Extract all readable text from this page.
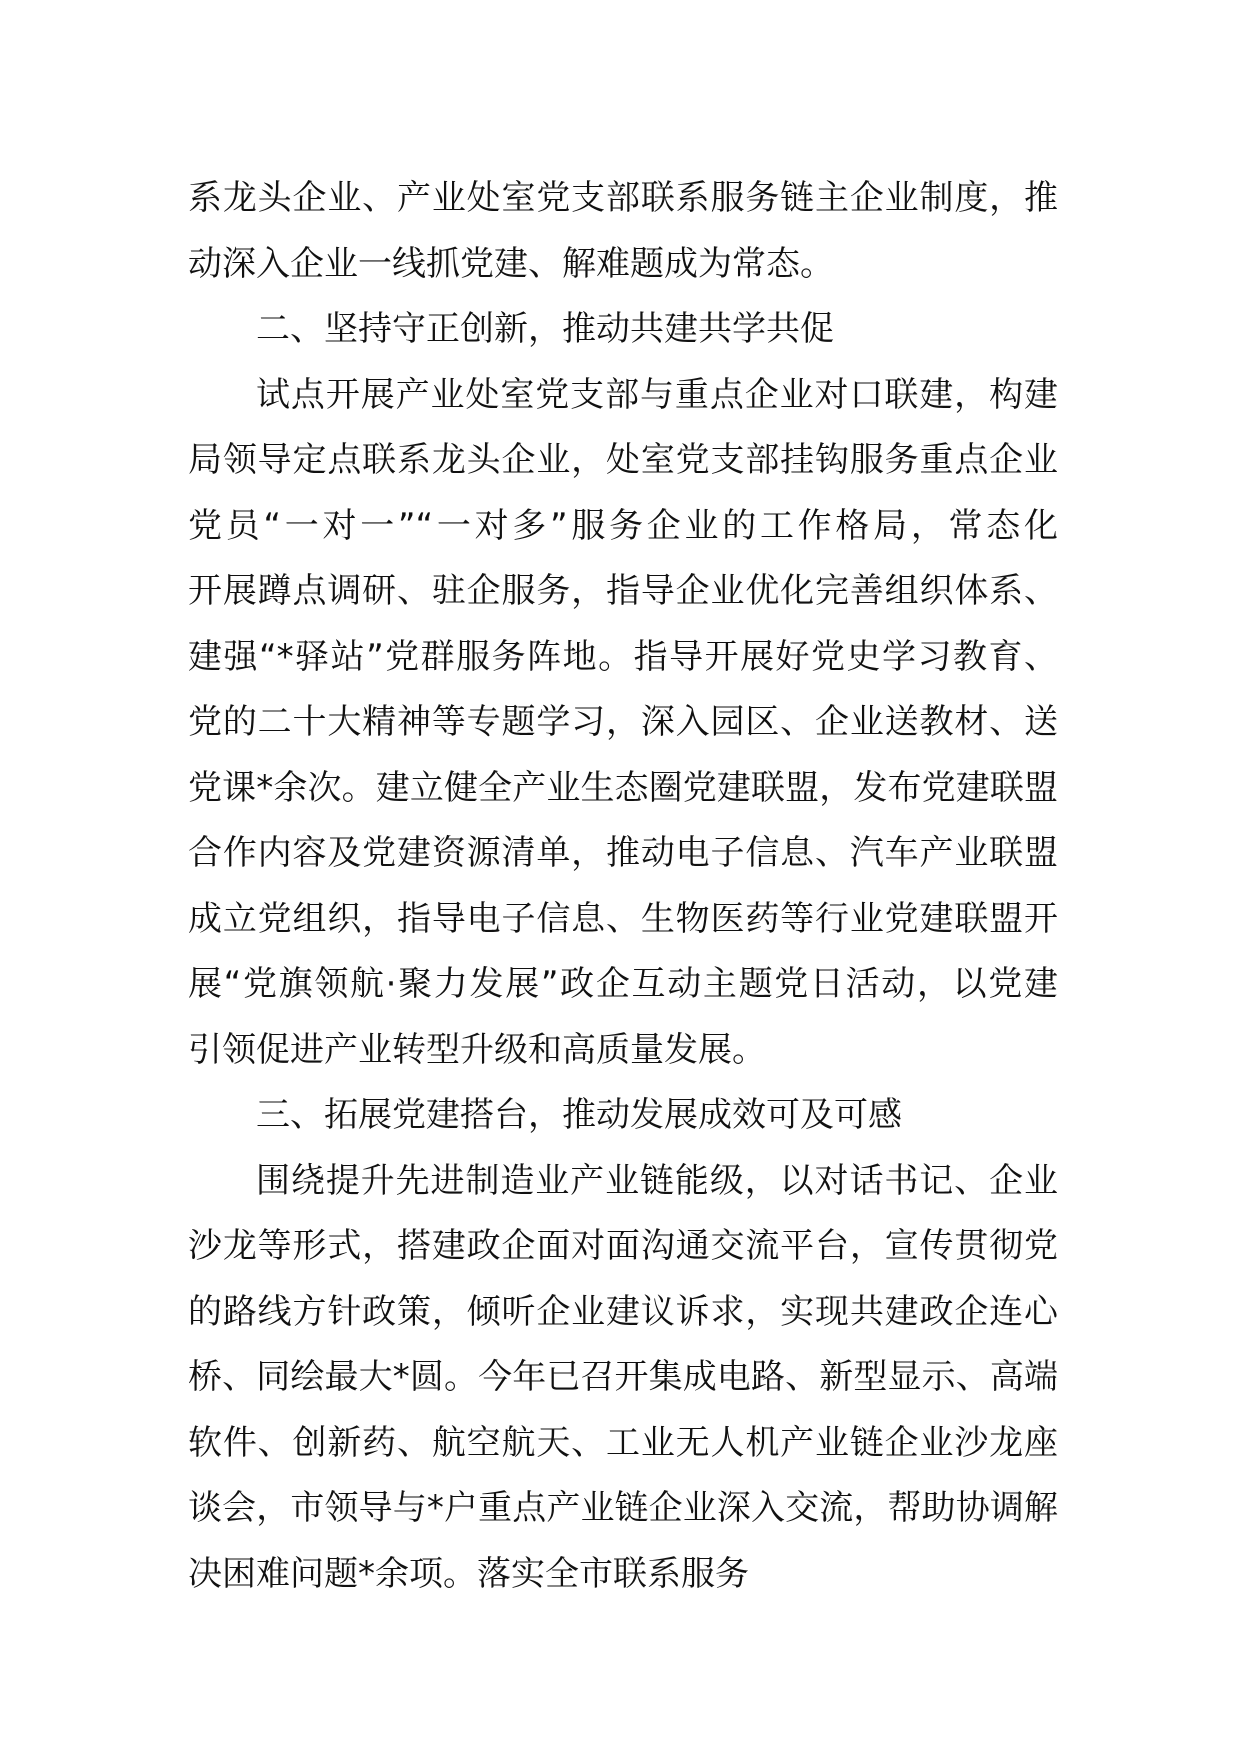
系龙头企业、产业处室党支部联系服务链主企业制度，推
动深入企业一线抓党建、解难题成为常态。
二、坚持守正创新，推动共建共学共促
试点开展产业处室党支部与重点企业对口联建，构建
局领导定点联系龙头企业，处室党支部挂钩服务重点企业
党员“一对一”“一对多”服务企业的工作格局，常态化
开展蹲点调研、驻企服务，指导企业优化完善组织体系、
建强“*驿站”党群服务阵地。指导开展好党史学习教育、
党的二十大精神等专题学习，深入园区、企业送教材、送
党课*余次。建立健全产业生态圈党建联盟，发布党建联盟
合作内容及党建资源清单，推动电子信息、汽车产业联盟
成立党组织，指导电子信息、生物医药等行业党建联盟开
展“党旗领航·聚力发展”政企互动主题党日活动，以党建
引领促进产业转型升级和高质量发展。
三、拓展党建搭台，推动发展成效可及可感
围绕提升先进制造业产业链能级，以对话书记、企业
沙龙等形式，搭建政企面对面沟通交流平台，宣传贯彻党
的路线方针政策，倾听企业建议诉求，实现共建政企连心
桥、同绘最大*圆。今年已召开集成电路、新型显示、高端
软件、创新药、航空航天、工业无人机产业链企业沙龙座
谈会，市领导与*户重点产业链企业深入交流，帮助协调解
决困难问题*余项。落实全市联系服务
